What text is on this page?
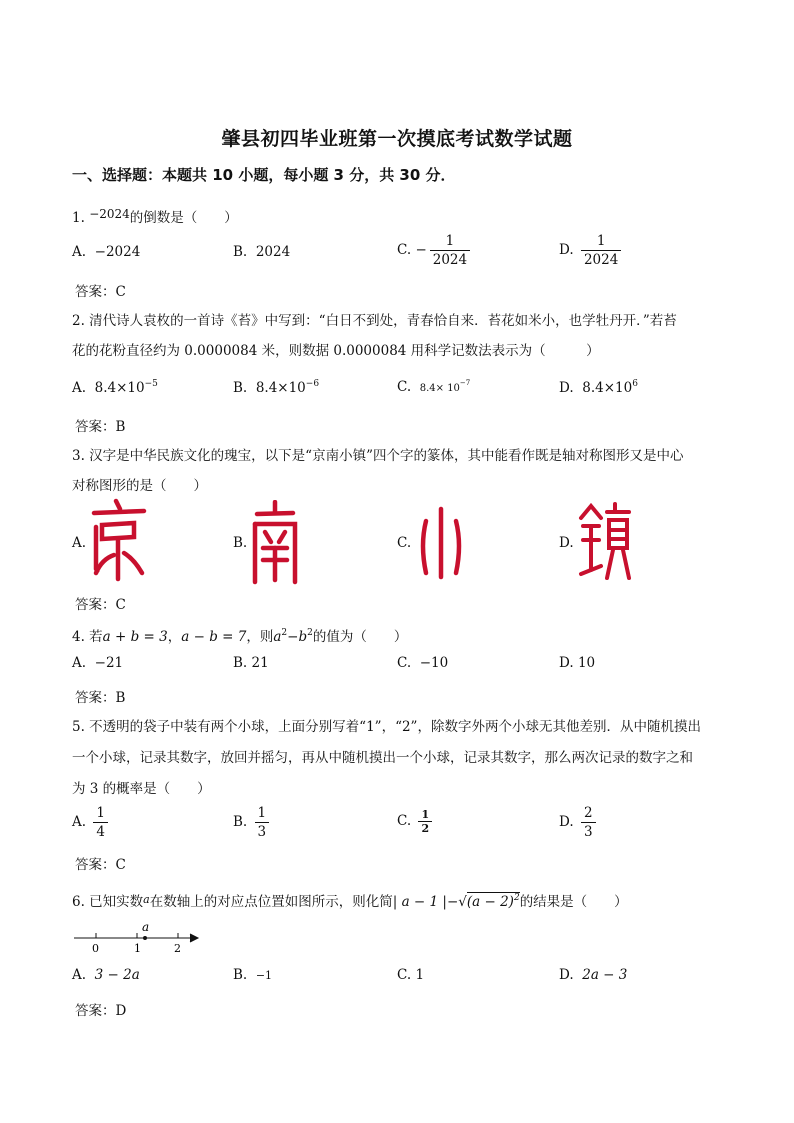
肇县初四毕业班第一次摸底考试数学试题
一、选择题：本题共 10 小题，每小题 3 分，共 30 分．
1. −2024的倒数是（　　）
A. −2024	B. 2024	C. − $\frac{1}{2024}$	D. $\frac{1}{2024}$
答案：C
2. 清代诗人袁枚的一首诗《苔》中写到：“白日不到处，青春恰自来．苔花如米小，也学牡丹开．”若苔
花的花粉直径约为 0.0000084 米，则数据 0.0000084 用科学记数法表示为（　　　）
A. $8.4\times 10^{-5}$	B. $8.4\times 10^{-6}$	C. $8.4\times 10^{-7}$	D. $8.4\times 10^6$
答案：B
3. 汉字是中华民族文化的瑰宝，以下是“京南小镇”四个字的篆体，其中能看作既是轴对称图形又是中心
对称图形的是（　　）
A.	B.	C.	D.
答案：C
4. 若a + b = 3，a − b = 7，则$a^2-b^2$的值为（　　）
A. −21	B. 21	C. −10	D. 10
答案：B
5. 不透明的袋子中装有两个小球，上面分别写着“1”，“2”，除数字外两个小球无其他差别．从中随机摸出
一个小球，记录其数字，放回并摇匀，再从中随机摸出一个小球，记录其数字，那么两次记录的数字之和
为 3 的概率是（　　）
A. $\frac{1}{4}$	B. $\frac{1}{3}$	C. $\frac{1}{2}$	D. $\frac{2}{3}$
答案：C
6. 已知实数$^a$在数轴上的对应点位置如图所示，则化简| a − 1 $|-√(a - 2)^2$的结果是（　　）
0	1	2
a
A. 3 − 2a	B. −1	C. 1	D. 2a − 3
答案：D
